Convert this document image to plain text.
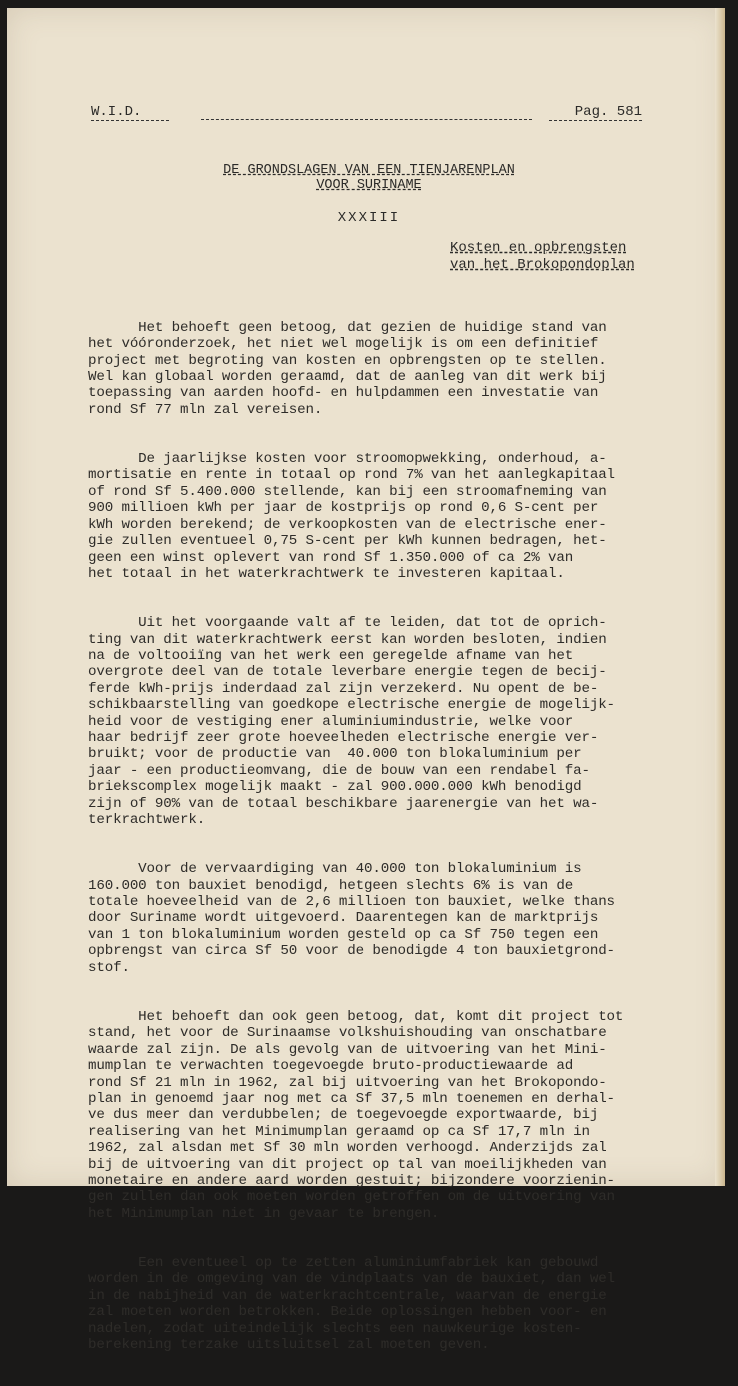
W.I.D.	Pag. 581
DE GRONDSLAGEN VAN EEN TIENJARENPLAN
VOOR SURINAME
XXXIII
Kosten en opbrengsten
van het Brokopondoplan

Het behoeft geen betoog, dat gezien de huidige stand van
het vóóronderzoek, het niet wel mogelijk is om een definitief
project met begroting van kosten en opbrengsten op te stellen.
Wel kan globaal worden geraamd, dat de aanleg van dit werk bij
toepassing van aarden hoofd- en hulpdammen een investatie van
rond Sf 77 mln zal vereisen.

De jaarlijkse kosten voor stroomopwekking, onderhoud, a-
mortisatie en rente in totaal op rond 7% van het aanlegkapitaal
of rond Sf 5.400.000 stellende, kan bij een stroomafneming van
900 millioen kWh per jaar de kostprijs op rond 0,6 S-cent per
kWh worden berekend; de verkoopkosten van de electrische ener-
gie zullen eventueel 0,75 S-cent per kWh kunnen bedragen, het-
geen een winst oplevert van rond Sf 1.350.000 of ca 2% van
het totaal in het waterkrachtwerk te investeren kapitaal.

Uit het voorgaande valt af te leiden, dat tot de oprich-
ting van dit waterkrachtwerk eerst kan worden besloten, indien
na de voltooiïng van het werk een geregelde afname van het
overgrote deel van de totale leverbare energie tegen de becij-
ferde kWh-prijs inderdaad zal zijn verzekerd. Nu opent de be-
schikbaarstelling van goedkope electrische energie de mogelijk-
heid voor de vestiging ener aluminiumindustrie, welke voor
haar bedrijf zeer grote hoeveelheden electrische energie ver-
bruikt; voor de productie van  40.000 ton blokaluminium per
jaar - een productieomvang, die de bouw van een rendabel fa-
briekscomplex mogelijk maakt - zal 900.000.000 kWh benodigd
zijn of 90% van de totaal beschikbare jaarenergie van het wa-
terkrachtwerk.

Voor de vervaardiging van 40.000 ton blokaluminium is
160.000 ton bauxiet benodigd, hetgeen slechts 6% is van de
totale hoeveelheid van de 2,6 millioen ton bauxiet, welke thans
door Suriname wordt uitgevoerd. Daarentegen kan de marktprijs
van 1 ton blokaluminium worden gesteld op ca Sf 750 tegen een
opbrengst van circa Sf 50 voor de benodigde 4 ton bauxietgrond-
stof.

Het behoeft dan ook geen betoog, dat, komt dit project tot
stand, het voor de Surinaamse volkshuishouding van onschatbare
waarde zal zijn. De als gevolg van de uitvoering van het Mini-
mumplan te verwachten toegevoegde bruto-productiewaarde ad
rond Sf 21 mln in 1962, zal bij uitvoering van het Brokopondo-
plan in genoemd jaar nog met ca Sf 37,5 mln toenemen en derhal-
ve dus meer dan verdubbelen; de toegevoegde exportwaarde, bij
realisering van het Minimumplan geraamd op ca Sf 17,7 mln in
1962, zal alsdan met Sf 30 mln worden verhoogd. Anderzijds zal
bij de uitvoering van dit project op tal van moeilijkheden van
monetaire en andere aard worden gestuit; bijzondere voorzienin-
gen zullen dan ook moeten worden getroffen om de uitvoering van
het Minimumplan niet in gevaar te brengen.

Een eventueel op te zetten aluminiumfabriek kan gebouwd
worden in de omgeving van de vindplaats van de bauxiet, dan wel
in de nabijheid van de waterkrachtcentrale, waarvan de energie
zal moeten worden betrokken. Beide oplossingen hebben voor- en
nadelen, zodat uiteindelijk slechts een nauwkeurige kosten-
berekening terzake uitsluitsel zal moeten geven.
